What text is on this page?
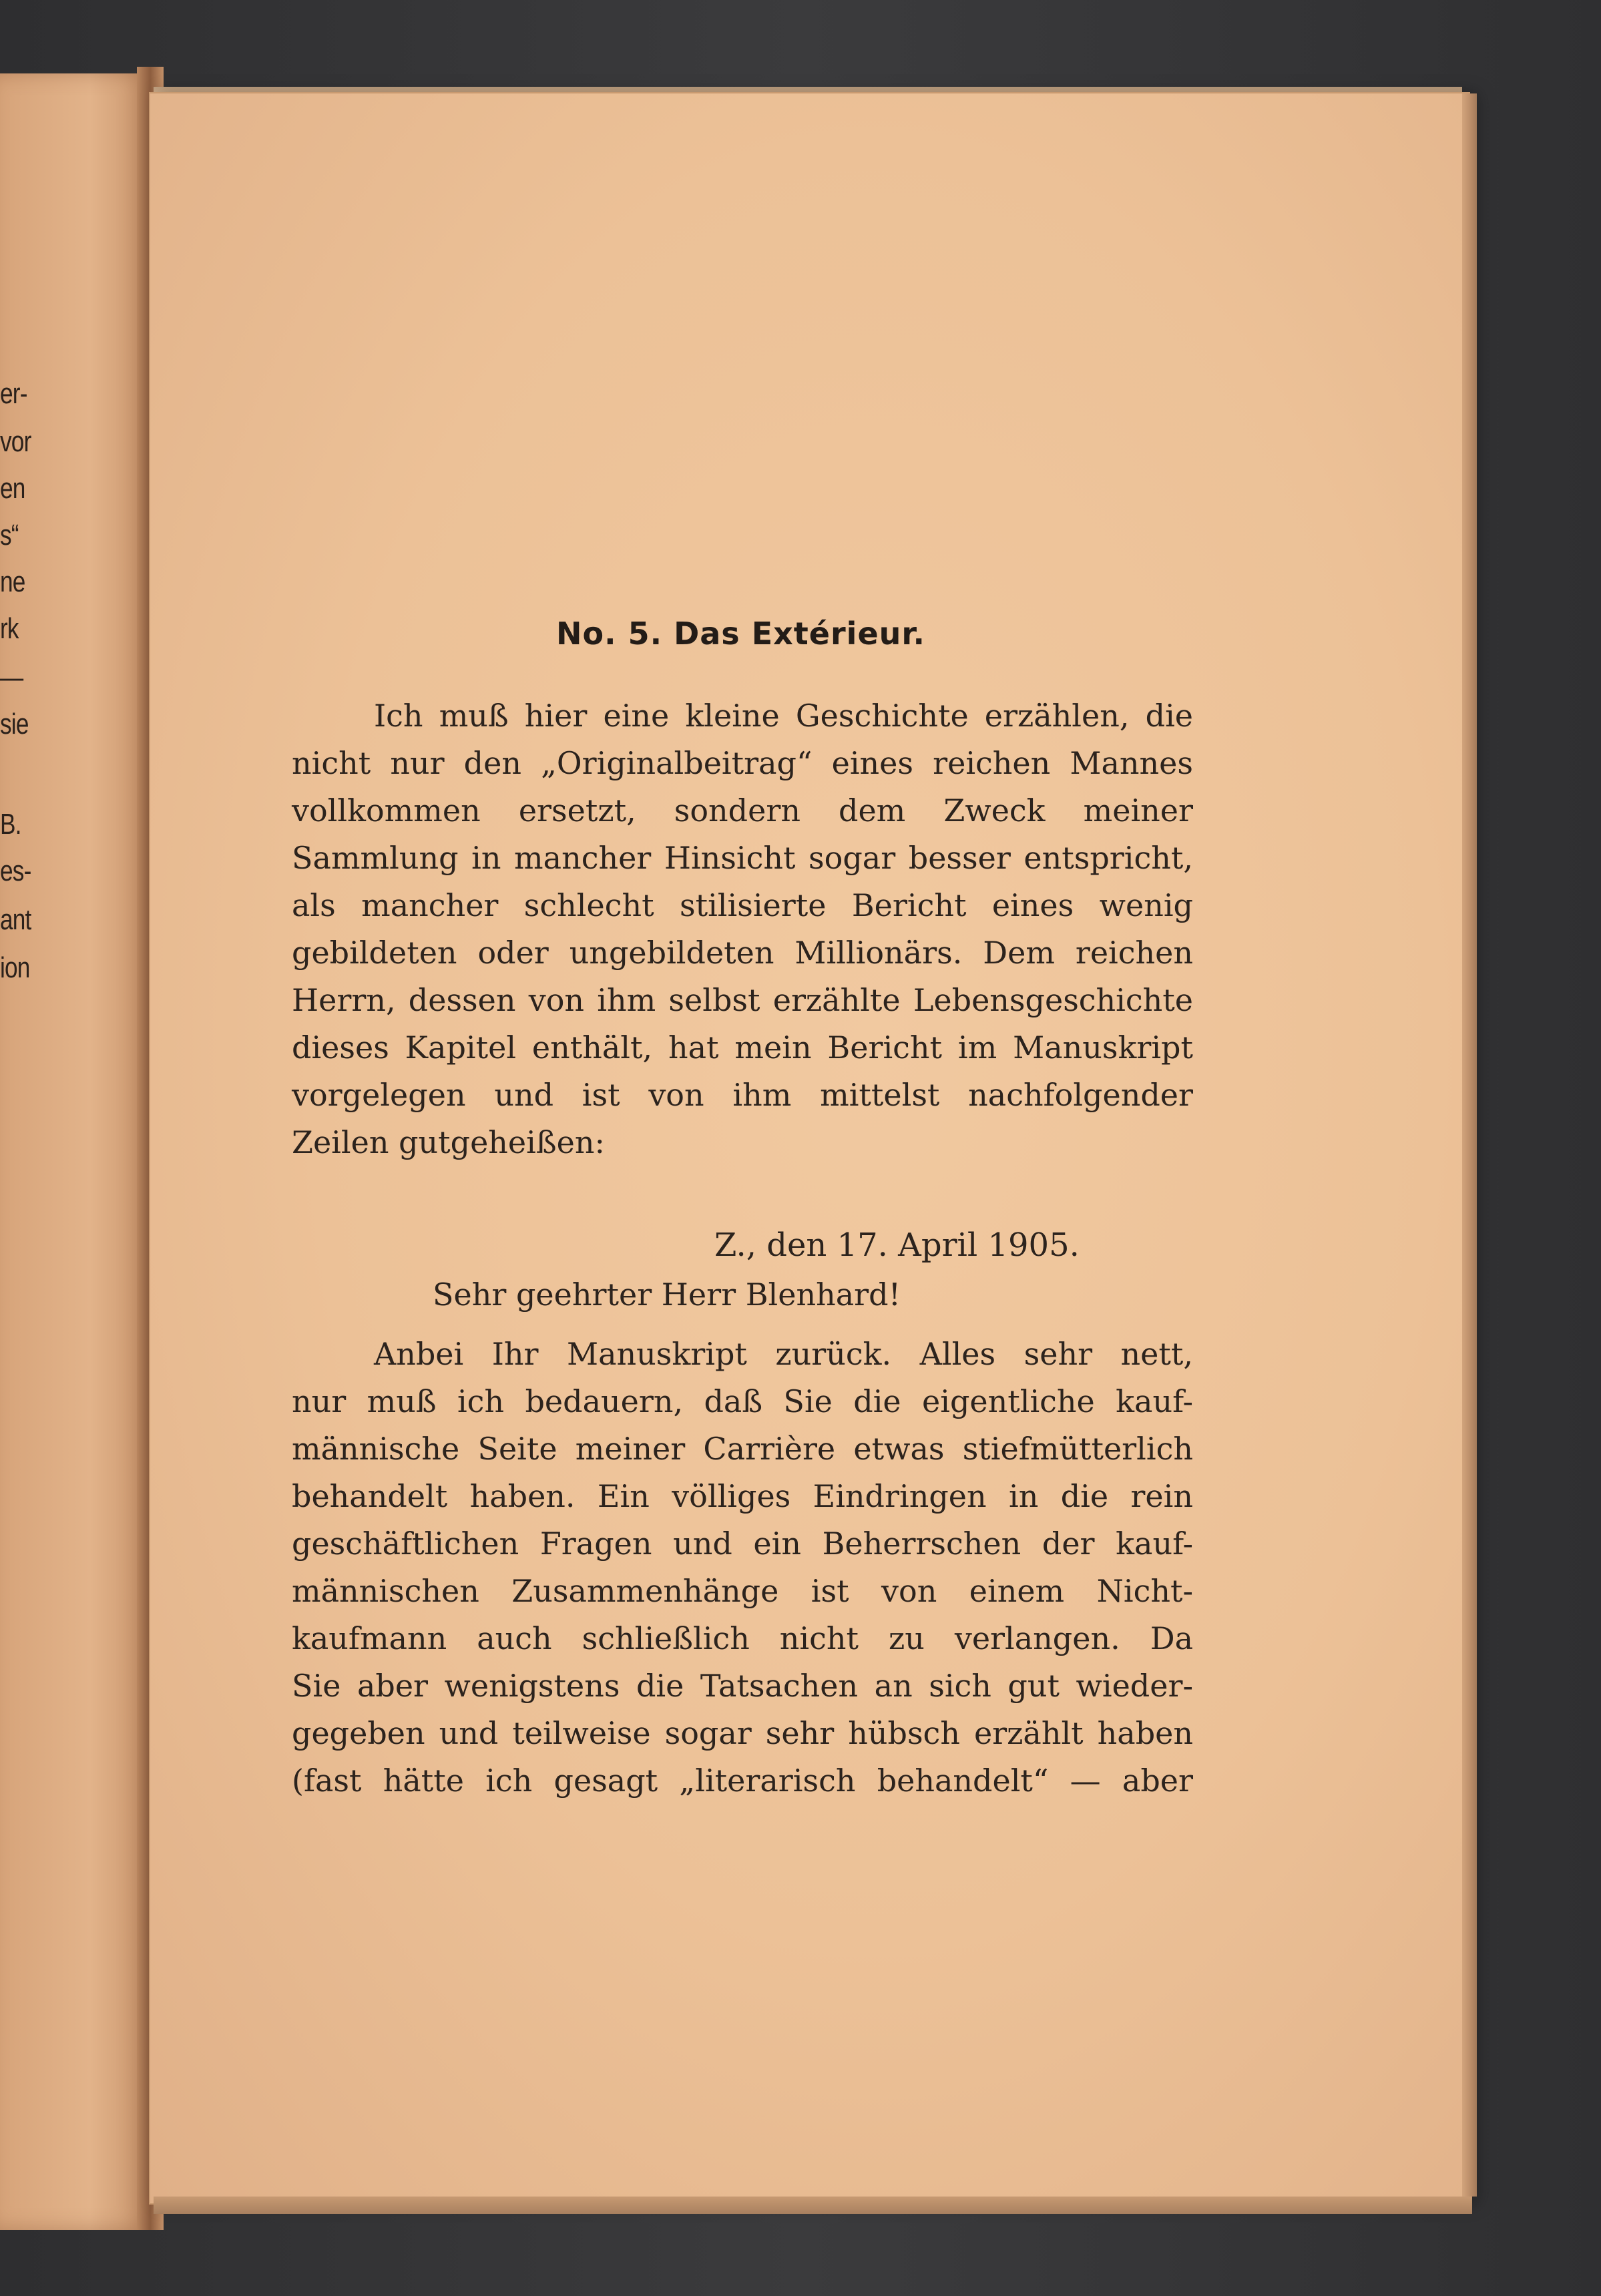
er-
vor
en
s“
ne
rk
—
sie
B.
es-
ant
ion
No. 5. Das Extérieur.
Ich muß hier eine kleine Geschichte erzählen, die
nicht nur den „Originalbeitrag“ eines reichen Mannes
vollkommen ersetzt, sondern dem Zweck meiner
Sammlung in mancher Hinsicht sogar besser entspricht,
als mancher schlecht stilisierte Bericht eines wenig
gebildeten oder ungebildeten Millionärs. Dem reichen
Herrn, dessen von ihm selbst erzählte Lebensgeschichte
dieses Kapitel enthält, hat mein Bericht im Manuskript
vorgelegen und ist von ihm mittelst nachfolgender
Zeilen gutgeheißen:
Z., den 17. April 1905.
Sehr geehrter Herr Blenhard!
Anbei Ihr Manuskript zurück. Alles sehr nett,
nur muß ich bedauern, daß Sie die eigentliche kauf-
männische Seite meiner Carrière etwas stiefmütterlich
behandelt haben. Ein völliges Eindringen in die rein
geschäftlichen Fragen und ein Beherrschen der kauf-
männischen Zusammenhänge ist von einem Nicht-
kaufmann auch schließlich nicht zu verlangen. Da
Sie aber wenigstens die Tatsachen an sich gut wieder-
gegeben und teilweise sogar sehr hübsch erzählt haben
(fast hätte ich gesagt „literarisch behandelt“ — aber
